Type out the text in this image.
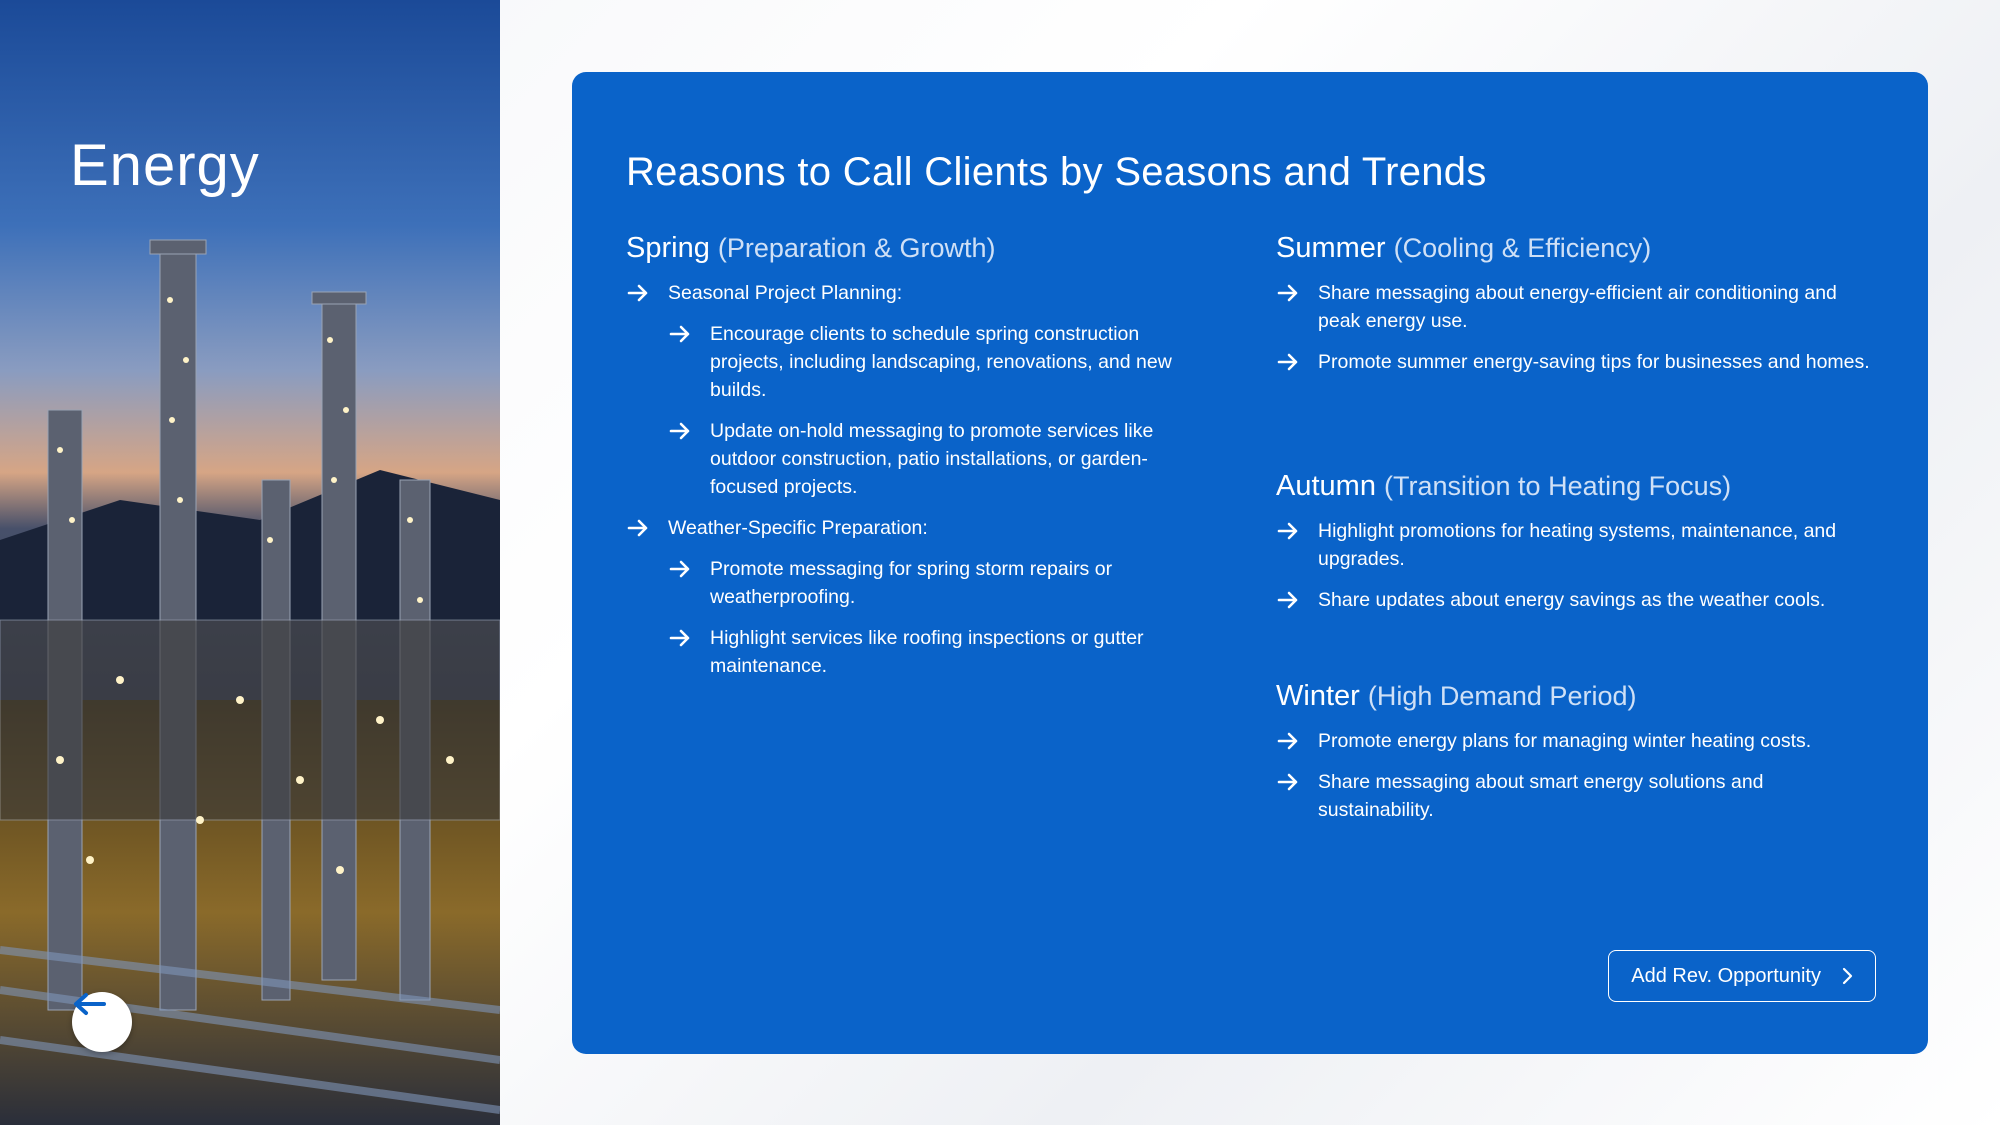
Energy	Reasons to Call Clients by Seasons and Trends
Spring (Preparation & Growth)
Seasonal Project Planning:
Encourage clients to schedule spring construction projects, including landscaping, renovations, and new builds.
Update on-hold messaging to promote services like outdoor construction, patio installations, or garden-focused projects.
Weather-Specific Preparation:
Promote messaging for spring storm repairs or weatherproofing.
Highlight services like roofing inspections or gutter maintenance.
Summer (Cooling & Efficiency)
Share messaging about energy-efficient air conditioning and peak energy use.
Promote summer energy-saving tips for businesses and homes.
Autumn (Transition to Heating Focus)
Highlight promotions for heating systems, maintenance, and upgrades.
Share updates about energy savings as the weather cools.
Winter (High Demand Period)
Promote energy plans for managing winter heating costs.
Share messaging about smart energy solutions and sustainability.
Add Rev. Opportunity
